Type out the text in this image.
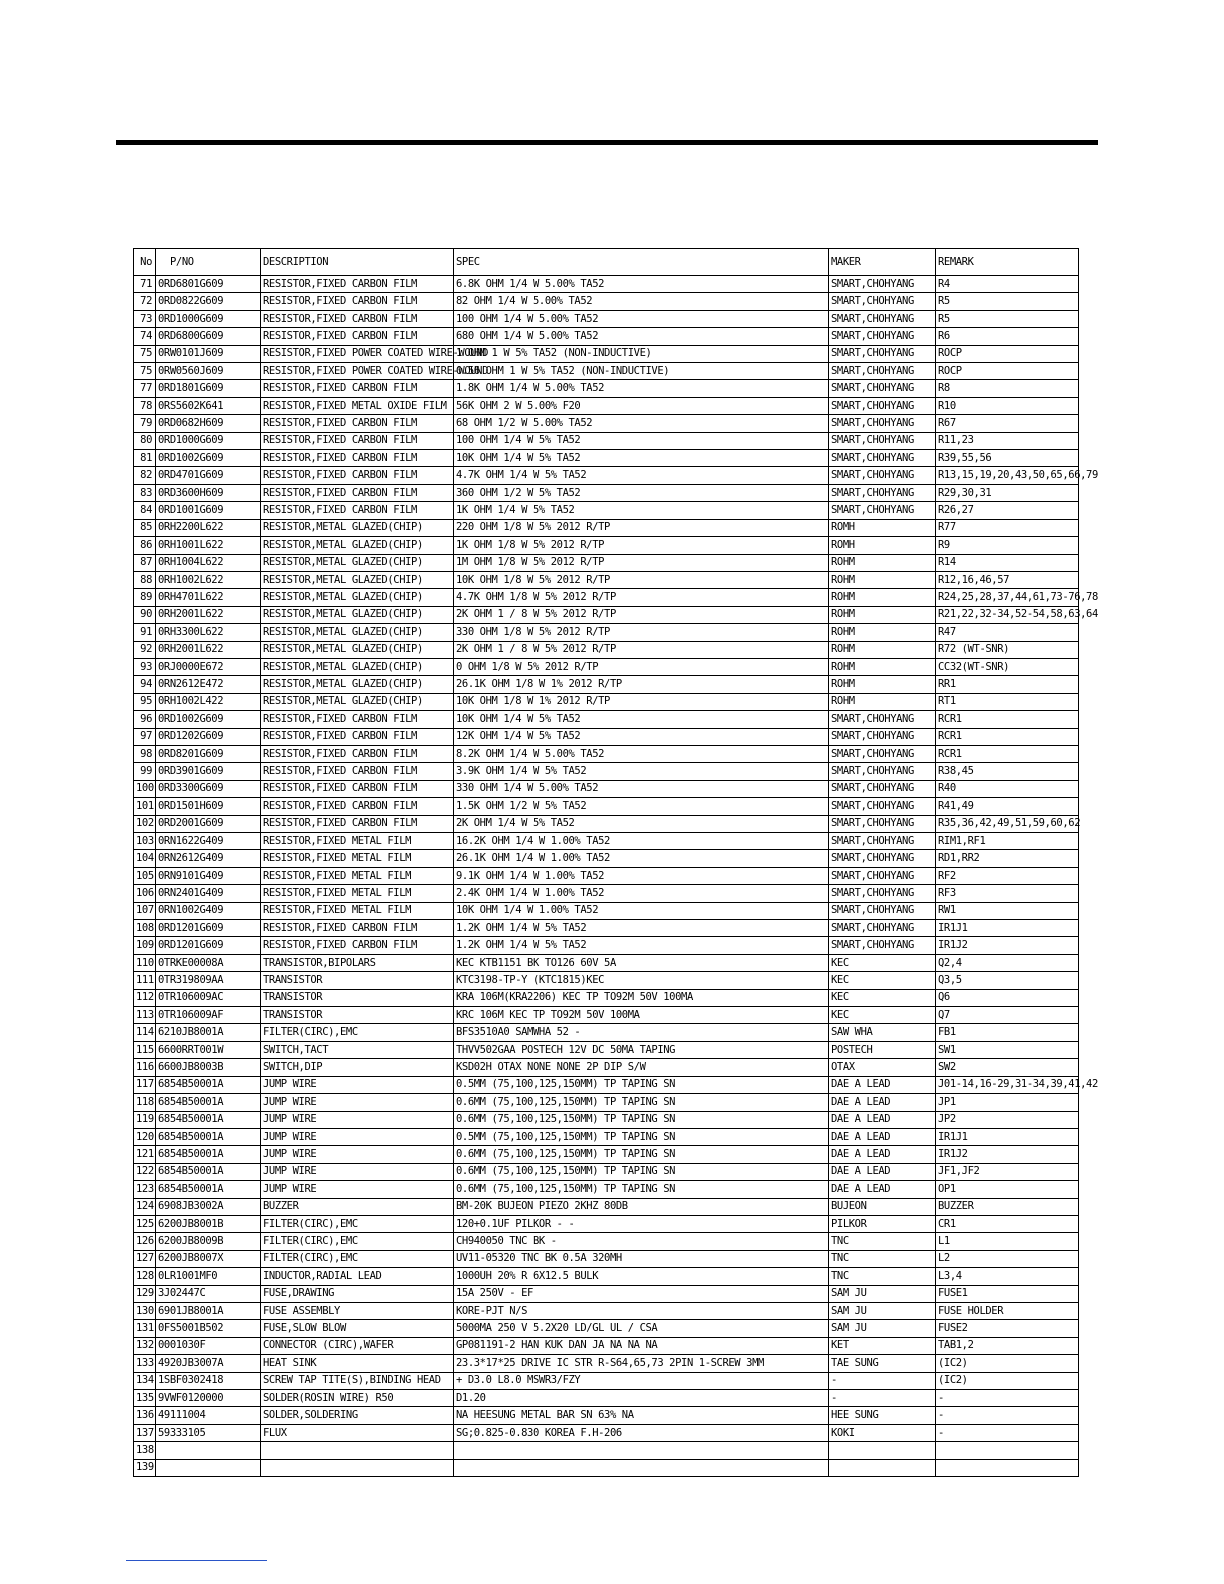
No	P/NO	DESCRIPTION	SPEC	MAKER	REMARK
71	0RD6801G609	RESISTOR,FIXED CARBON FILM	6.8K OHM 1/4 W 5.00% TA52	SMART,CHOHYANG	R4
72	0RD0822G609	RESISTOR,FIXED CARBON FILM	82 OHM 1/4 W 5.00% TA52	SMART,CHOHYANG	R5
73	0RD1000G609	RESISTOR,FIXED CARBON FILM	100 OHM 1/4 W 5.00% TA52	SMART,CHOHYANG	R5
74	0RD6800G609	RESISTOR,FIXED CARBON FILM	680 OHM 1/4 W 5.00% TA52	SMART,CHOHYANG	R6
75	0RW0101J609	RESISTOR,FIXED POWER COATED WIRE-WOUND	1 OHM 1 W 5% TA52 (NON-INDUCTIVE)	SMART,CHOHYANG	ROCP
75	0RW0560J609	RESISTOR,FIXED POWER COATED WIRE-WOUND	0.56 OHM 1 W 5% TA52 (NON-INDUCTIVE)	SMART,CHOHYANG	ROCP
77	0RD1801G609	RESISTOR,FIXED CARBON FILM	1.8K OHM 1/4 W 5.00% TA52	SMART,CHOHYANG	R8
78	0RS5602K641	RESISTOR,FIXED METAL OXIDE FILM	56K OHM 2 W 5.00% F20	SMART,CHOHYANG	R10
79	0RD0682H609	RESISTOR,FIXED CARBON FILM	68 OHM 1/2 W 5.00% TA52	SMART,CHOHYANG	R67
80	0RD1000G609	RESISTOR,FIXED CARBON FILM	100 OHM 1/4 W 5% TA52	SMART,CHOHYANG	R11,23
81	0RD1002G609	RESISTOR,FIXED CARBON FILM	10K OHM 1/4 W 5% TA52	SMART,CHOHYANG	R39,55,56
82	0RD4701G609	RESISTOR,FIXED CARBON FILM	4.7K OHM 1/4 W 5% TA52	SMART,CHOHYANG	R13,15,19,20,43,50,65,66,79
83	0RD3600H609	RESISTOR,FIXED CARBON FILM	360 OHM 1/2 W 5% TA52	SMART,CHOHYANG	R29,30,31
84	0RD1001G609	RESISTOR,FIXED CARBON FILM	1K OHM 1/4 W 5% TA52	SMART,CHOHYANG	R26,27
85	0RH2200L622	RESISTOR,METAL GLAZED(CHIP)	220 OHM 1/8 W 5% 2012 R/TP	ROMH	R77
86	0RH1001L622	RESISTOR,METAL GLAZED(CHIP)	1K OHM 1/8 W 5% 2012 R/TP	ROMH	R9
87	0RH1004L622	RESISTOR,METAL GLAZED(CHIP)	1M OHM 1/8 W 5% 2012 R/TP	ROHM	R14
88	0RH1002L622	RESISTOR,METAL GLAZED(CHIP)	10K OHM 1/8 W 5% 2012 R/TP	ROHM	R12,16,46,57
89	0RH4701L622	RESISTOR,METAL GLAZED(CHIP)	4.7K OHM 1/8 W 5% 2012 R/TP	ROHM	R24,25,28,37,44,61,73-76,78
90	0RH2001L622	RESISTOR,METAL GLAZED(CHIP)	2K OHM 1 / 8 W 5% 2012 R/TP	ROHM	R21,22,32-34,52-54,58,63,64
91	0RH3300L622	RESISTOR,METAL GLAZED(CHIP)	330 OHM 1/8 W 5% 2012 R/TP	ROHM	R47
92	0RH2001L622	RESISTOR,METAL GLAZED(CHIP)	2K OHM 1 / 8 W 5% 2012 R/TP	ROHM	R72 (WT-SNR)
93	0RJ0000E672	RESISTOR,METAL GLAZED(CHIP)	0 OHM 1/8 W 5% 2012 R/TP	ROHM	CC32(WT-SNR)
94	0RN2612E472	RESISTOR,METAL GLAZED(CHIP)	26.1K OHM 1/8 W 1% 2012 R/TP	ROHM	RR1
95	0RH1002L422	RESISTOR,METAL GLAZED(CHIP)	10K OHM 1/8 W 1% 2012 R/TP	ROHM	RT1
96	0RD1002G609	RESISTOR,FIXED CARBON FILM	10K OHM 1/4 W 5% TA52	SMART,CHOHYANG	RCR1
97	0RD1202G609	RESISTOR,FIXED CARBON FILM	12K OHM 1/4 W 5% TA52	SMART,CHOHYANG	RCR1
98	0RD8201G609	RESISTOR,FIXED CARBON FILM	8.2K OHM 1/4 W 5.00% TA52	SMART,CHOHYANG	RCR1
99	0RD3901G609	RESISTOR,FIXED CARBON FILM	3.9K OHM 1/4 W 5% TA52	SMART,CHOHYANG	R38,45
100	0RD3300G609	RESISTOR,FIXED CARBON FILM	330 OHM 1/4 W 5.00% TA52	SMART,CHOHYANG	R40
101	0RD1501H609	RESISTOR,FIXED CARBON FILM	1.5K OHM 1/2 W 5% TA52	SMART,CHOHYANG	R41,49
102	0RD2001G609	RESISTOR,FIXED CARBON FILM	2K OHM 1/4 W 5% TA52	SMART,CHOHYANG	R35,36,42,49,51,59,60,62
103	0RN1622G409	RESISTOR,FIXED METAL FILM	16.2K OHM 1/4 W 1.00% TA52	SMART,CHOHYANG	RIM1,RF1
104	0RN2612G409	RESISTOR,FIXED METAL FILM	26.1K OHM 1/4 W 1.00% TA52	SMART,CHOHYANG	RD1,RR2
105	0RN9101G409	RESISTOR,FIXED METAL FILM	9.1K OHM 1/4 W 1.00% TA52	SMART,CHOHYANG	RF2
106	0RN2401G409	RESISTOR,FIXED METAL FILM	2.4K OHM 1/4 W 1.00% TA52	SMART,CHOHYANG	RF3
107	0RN1002G409	RESISTOR,FIXED METAL FILM	10K OHM 1/4 W 1.00% TA52	SMART,CHOHYANG	RW1
108	0RD1201G609	RESISTOR,FIXED CARBON FILM	1.2K OHM 1/4 W 5% TA52	SMART,CHOHYANG	IR1J1
109	0RD1201G609	RESISTOR,FIXED CARBON FILM	1.2K OHM 1/4 W 5% TA52	SMART,CHOHYANG	IR1J2
110	0TRKE00008A	TRANSISTOR,BIPOLARS	KEC KTB1151 BK TO126 60V 5A	KEC	Q2,4
111	0TR319809AA	TRANSISTOR	KTC3198-TP-Y (KTC1815)KEC	KEC	Q3,5
112	0TR106009AC	TRANSISTOR	KRA 106M(KRA2206) KEC TP TO92M 50V 100MA	KEC	Q6
113	0TR106009AF	TRANSISTOR	KRC 106M KEC TP TO92M 50V 100MA	KEC	Q7
114	6210JB8001A	FILTER(CIRC),EMC	BFS3510A0 SAMWHA 52 -	SAW WHA	FB1
115	6600RRT001W	SWITCH,TACT	THVV502GAA POSTECH 12V DC 50MA TAPING	POSTECH	SW1
116	6600JB8003B	SWITCH,DIP	KSD02H OTAX NONE NONE 2P DIP S/W	OTAX	SW2
117	6854B50001A	JUMP WIRE	0.5MM (75,100,125,150MM) TP TAPING SN	DAE A LEAD	J01-14,16-29,31-34,39,41,42
118	6854B50001A	JUMP WIRE	0.6MM (75,100,125,150MM) TP TAPING SN	DAE A LEAD	JP1
119	6854B50001A	JUMP WIRE	0.6MM (75,100,125,150MM) TP TAPING SN	DAE A LEAD	JP2
120	6854B50001A	JUMP WIRE	0.5MM (75,100,125,150MM) TP TAPING SN	DAE A LEAD	IR1J1
121	6854B50001A	JUMP WIRE	0.6MM (75,100,125,150MM) TP TAPING SN	DAE A LEAD	IR1J2
122	6854B50001A	JUMP WIRE	0.6MM (75,100,125,150MM) TP TAPING SN	DAE A LEAD	JF1,JF2
123	6854B50001A	JUMP WIRE	0.6MM (75,100,125,150MM) TP TAPING SN	DAE A LEAD	OP1
124	6908JB3002A	BUZZER	BM-20K BUJEON PIEZO 2KHZ 80DB	BUJEON	BUZZER
125	6200JB8001B	FILTER(CIRC),EMC	120+0.1UF PILKOR - -	PILKOR	CR1
126	6200JB8009B	FILTER(CIRC),EMC	CH940050 TNC BK -	TNC	L1
127	6200JB8007X	FILTER(CIRC),EMC	UV11-05320 TNC BK 0.5A 320MH	TNC	L2
128	0LR1001MF0	INDUCTOR,RADIAL LEAD	1000UH 20% R 6X12.5 BULK	TNC	L3,4
129	3J02447C	FUSE,DRAWING	15A 250V - EF	SAM JU	FUSE1
130	6901JB8001A	FUSE ASSEMBLY	KORE-PJT N/S	SAM JU	FUSE HOLDER
131	0FS5001B502	FUSE,SLOW BLOW	5000MA 250 V 5.2X20 LD/GL UL / CSA	SAM JU	FUSE2
132	0001030F	CONNECTOR (CIRC),WAFER	GP081191-2 HAN KUK DAN JA NA NA NA	KET	TAB1,2
133	4920JB3007A	HEAT SINK	23.3*17*25 DRIVE IC STR R-S64,65,73 2PIN 1-SCREW 3MM	TAE SUNG	(IC2)
134	1SBF0302418	SCREW TAP TITE(S),BINDING HEAD	+ D3.0 L8.0 MSWR3/FZY	-	(IC2)
135	9VWF0120000	SOLDER(ROSIN WIRE) R50	D1.20	-	-
136	49111004	SOLDER,SOLDERING	NA HEESUNG METAL BAR SN 63% NA	HEE SUNG	-
137	59333105	FLUX	SG;0.825-0.830 KOREA F.H-206	KOKI	-
138					
139					
